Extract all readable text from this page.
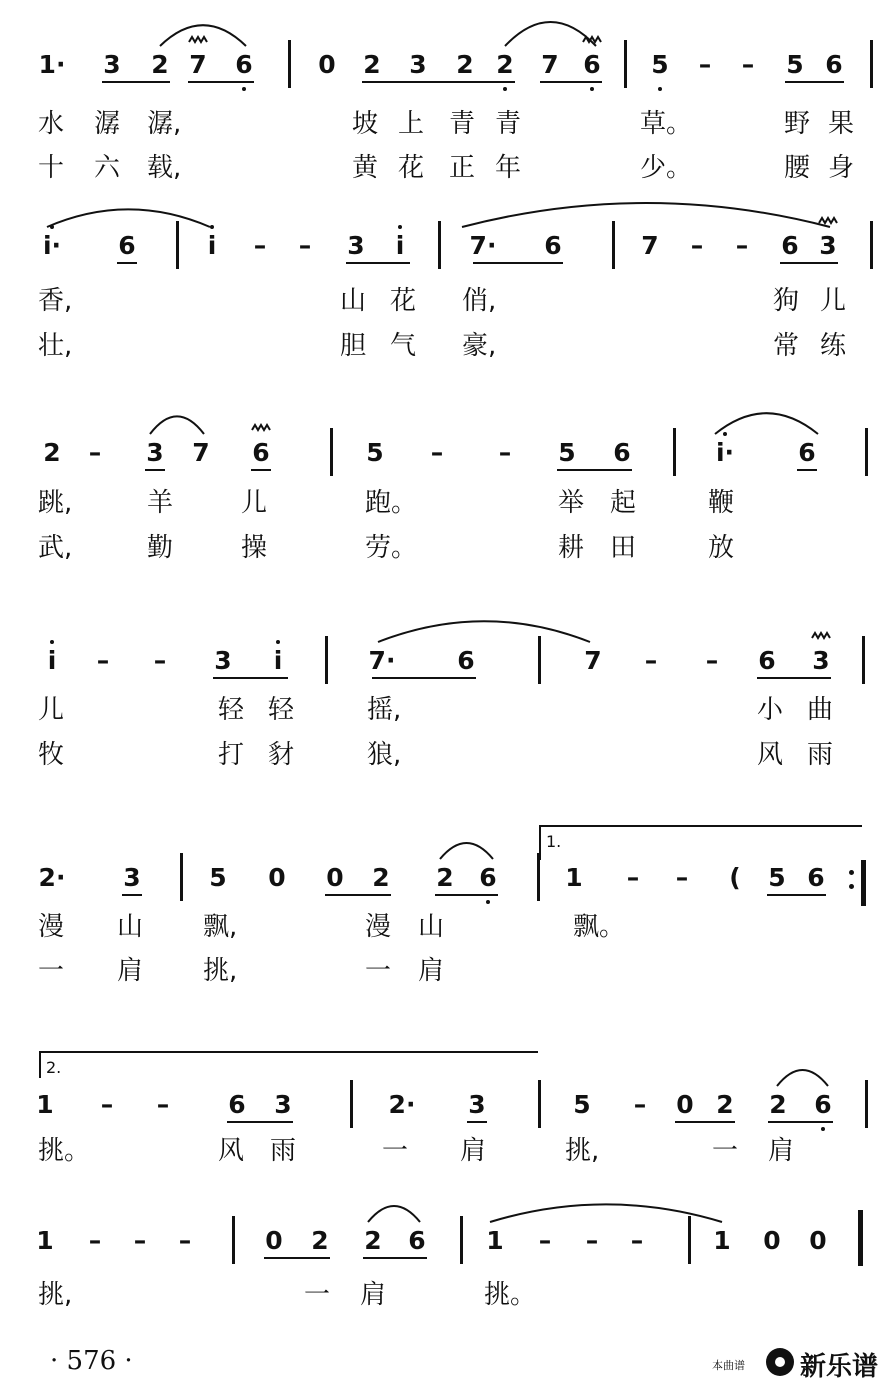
1· 3 2 7 6	0 2 3 2 2 7 6 5 – – 5 6
水 潺 潺,	坡 上 青 青	草。	野 果
十 六 载,	黄 花 正 年	少。	腰 身
i· 6	i – – 3 i	7· 6	7 – – 6 3
香,	山 花 俏,	狗 儿
壮,	胆 气 豪,	常 练
2 – 3 7 6	5 – – 5 6	i·	6
跳,	羊	儿	跑。	举 起	鞭
武,	勤	操	劳。	耕 田	放
i – – 3 i	7· 6	7 – – 6 3
儿	轻 轻	摇,	小 曲
牧	打 豺	狼,	风 雨
2· 3	5 0 0 2 2 6	1 – – ( 5 6
漫 山 飘,	漫 山	飘。
一 肩 挑,	一 肩
1 – – 6 3	2· 3	5 – 0 2 2 6
挑。	风 雨	一 肩	挑,	一 肩
1 – – –	0 2 2 6 1 – – –	1 0 0
挑,	一 肩	挑。
1.
2.
· 576 ·	本曲谱 新乐谱
